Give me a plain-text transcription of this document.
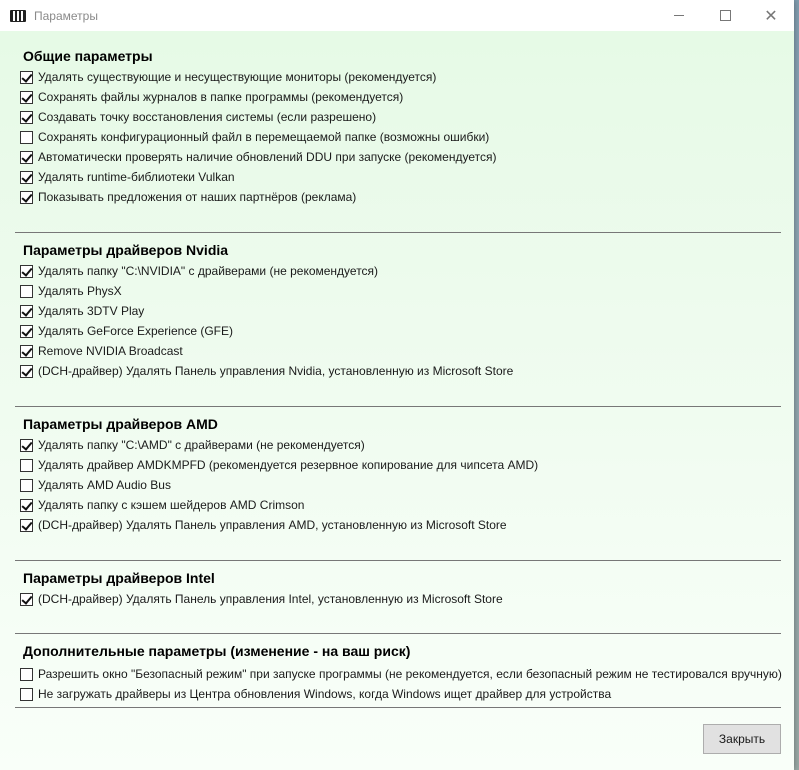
Параметры	✕
Общие параметры
Удалять существующие и несуществующие мониторы (рекомендуется)
Сохранять файлы журналов в папке программы (рекомендуется)
Создавать точку восстановления системы (если разрешено)
Сохранять конфигурационный файл в перемещаемой папке (возможны ошибки)
Автоматически проверять наличие обновлений DDU при запуске (рекомендуется)
Удалять runtime-библиотеки Vulkan
Показывать предложения от наших партнёров (реклама)
Параметры драйверов Nvidia
Удалять папку "C:\NVIDIA" с драйверами (не рекомендуется)
Удалять PhysX
Удалять 3DTV Play
Удалять GeForce Experience (GFE)
Remove NVIDIA Broadcast
(DCH-драйвер) Удалять Панель управления Nvidia, установленную из Microsoft Store
Параметры драйверов AMD
Удалять папку "C:\AMD" с драйверами (не рекомендуется)
Удалять драйвер AMDKMPFD (рекомендуется резервное копирование для чипсета AMD)
Удалять AMD Audio Bus
Удалять папку с кэшем шейдеров AMD Crimson
(DCH-драйвер) Удалять Панель управления AMD, установленную из Microsoft Store
Параметры драйверов Intel
(DCH-драйвер) Удалять Панель управления Intel, установленную из Microsoft Store
Дополнительные параметры (изменение - на ваш риск)
Разрешить окно "Безопасный режим" при запуске программы (не рекомендуется, если безопасный режим не тестировался вручную)
Не загружать драйверы из Центра обновления Windows, когда Windows ищет драйвер для устройства
Закрыть
